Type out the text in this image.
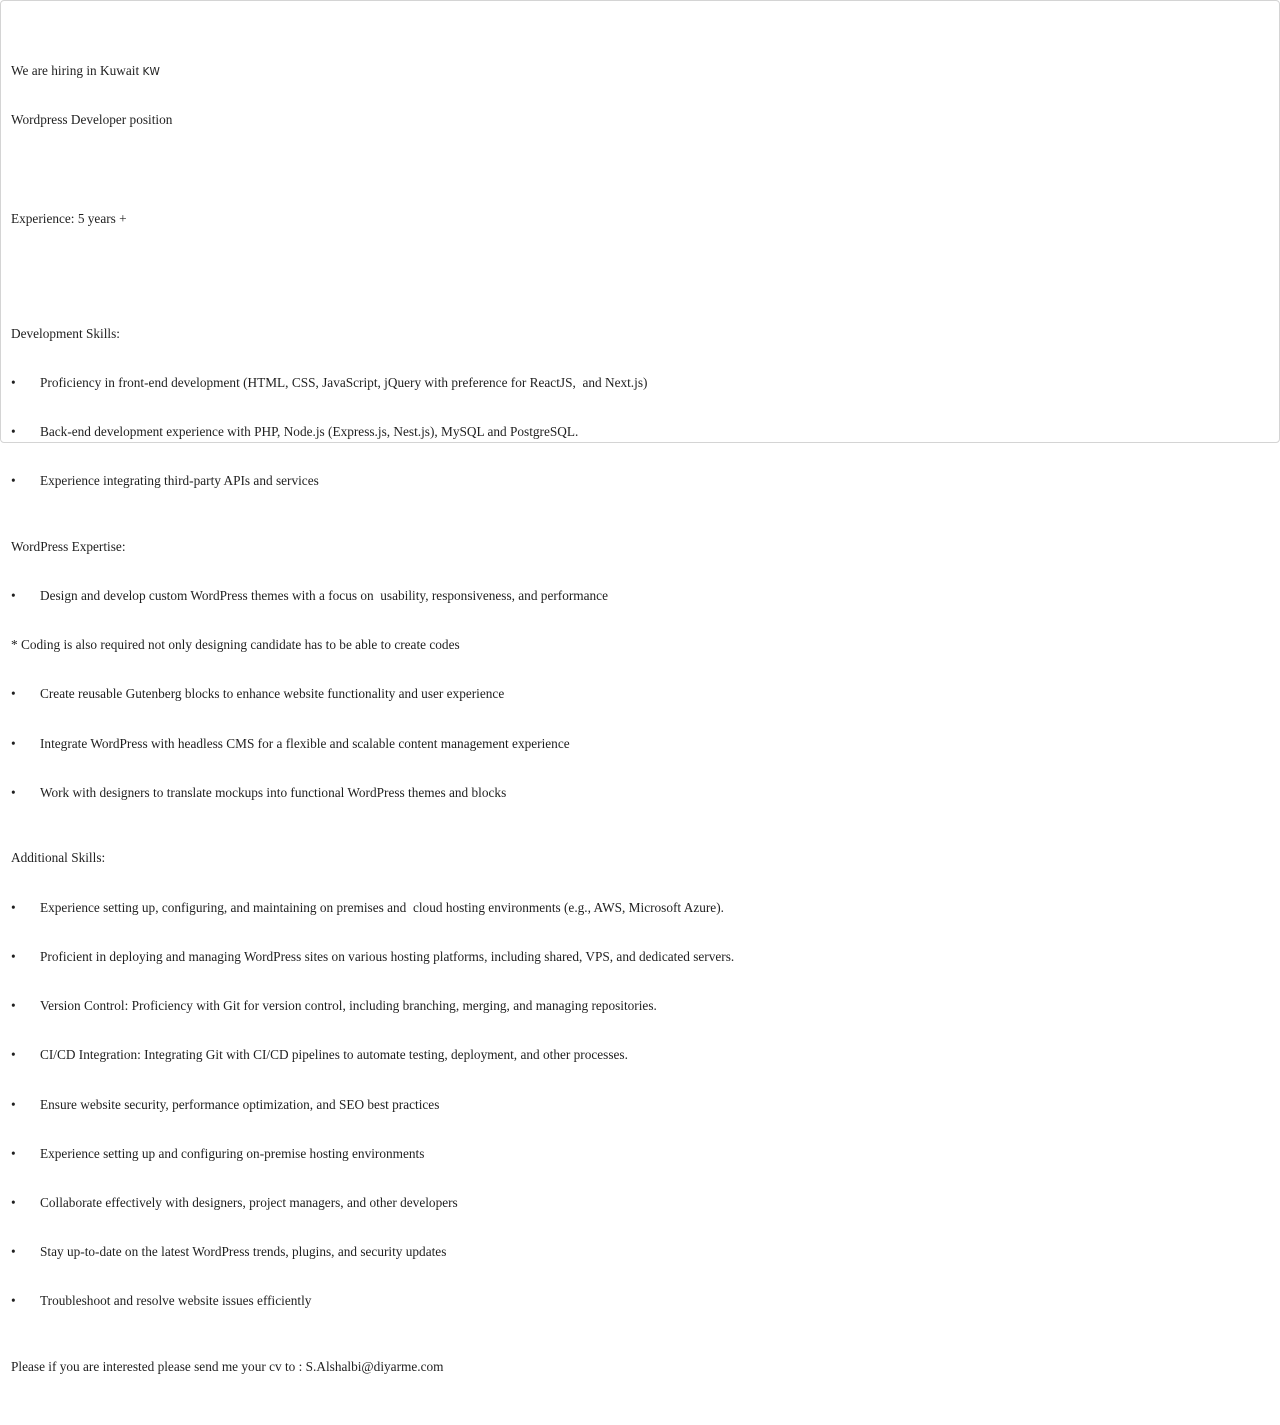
We are hiring in Kuwait KW

Wordpress Developer position

Experience: 5 years +

Development Skills:

• Proficiency in front-end development (HTML, CSS, JavaScript, jQuery with preference for ReactJS,  and Next.js)

• Back-end development experience with PHP, Node.js (Express.js, Nest.js), MySQL and PostgreSQL.

• Experience integrating third-party APIs and services

WordPress Expertise:

• Design and develop custom WordPress themes with a focus on  usability, responsiveness, and performance

* Coding is also required not only designing candidate has to be able to create codes

• Create reusable Gutenberg blocks to enhance website functionality and user experience

• Integrate WordPress with headless CMS for a flexible and scalable content management experience

• Work with designers to translate mockups into functional WordPress themes and blocks

Additional Skills:

• Experience setting up, configuring, and maintaining on premises and  cloud hosting environments (e.g., AWS, Microsoft Azure).

• Proficient in deploying and managing WordPress sites on various hosting platforms, including shared, VPS, and dedicated servers.

• Version Control: Proficiency with Git for version control, including branching, merging, and managing repositories.

• CI/CD Integration: Integrating Git with CI/CD pipelines to automate testing, deployment, and other processes.

• Ensure website security, performance optimization, and SEO best practices

• Experience setting up and configuring on-premise hosting environments

• Collaborate effectively with designers, project managers, and other developers

• Stay up-to-date on the latest WordPress trends, plugins, and security updates

• Troubleshoot and resolve website issues efficiently

Please if you are interested please send me your cv to : S.Alshalbi@diyarme.com
